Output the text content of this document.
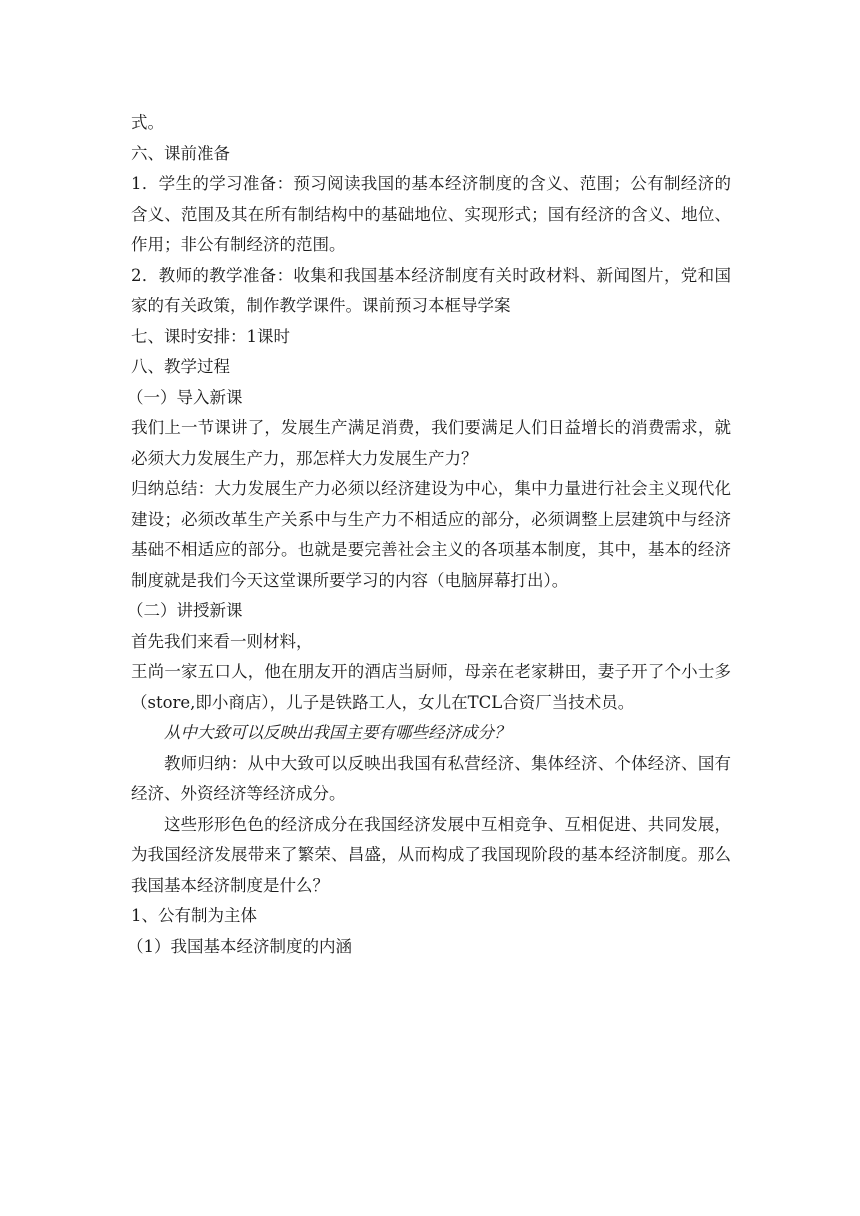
式。

六、课前准备

1．学生的学习准备：预习阅读我国的基本经济制度的含义、范围；公有制经济的含义、范围及其在所有制结构中的基础地位、实现形式；国有经济的含义、地位、作用；非公有制经济的范围。

2．教师的教学准备：收集和我国基本经济制度有关时政材料、新闻图片，党和国家的有关政策，制作教学课件。课前预习本框导学案

七、课时安排：1课时

八、教学过程

（一）导入新课

我们上一节课讲了，发展生产满足消费，我们要满足人们日益增长的消费需求，就必须大力发展生产力，那怎样大力发展生产力？

归纳总结：大力发展生产力必须以经济建设为中心，集中力量进行社会主义现代化建设；必须改革生产关系中与生产力不相适应的部分，必须调整上层建筑中与经济基础不相适应的部分。也就是要完善社会主义的各项基本制度，其中，基本的经济制度就是我们今天这堂课所要学习的内容（电脑屏幕打出）。

（二）讲授新课

首先我们来看一则材料，

王尚一家五口人，他在朋友开的酒店当厨师，母亲在老家耕田，妻子开了个小士多（store,即小商店），儿子是铁路工人，女儿在TCL合资厂当技术员。

从中大致可以反映出我国主要有哪些经济成分？

教师归纳：从中大致可以反映出我国有私营经济、集体经济、个体经济、国有经济、外资经济等经济成分。

这些形形色色的经济成分在我国经济发展中互相竞争、互相促进、共同发展，为我国经济发展带来了繁荣、昌盛，从而构成了我国现阶段的基本经济制度。那么我国基本经济制度是什么？

1、公有制为主体

（1）我国基本经济制度的内涵
